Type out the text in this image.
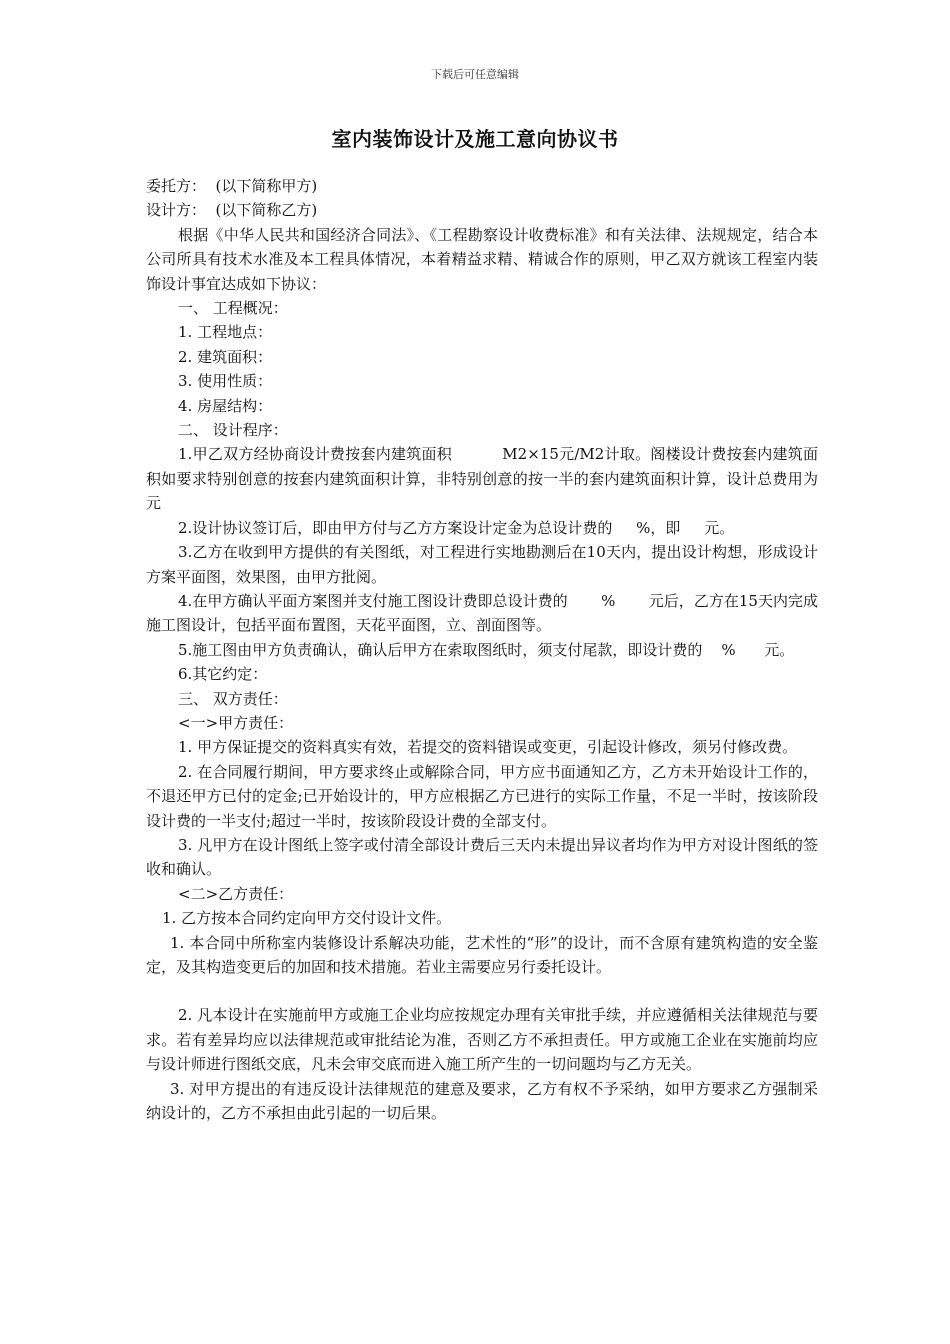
下载后可任意编辑
室内装饰设计及施工意向协议书

委托方：  (以下简称甲方)

设计方：  (以下简称乙方)

根据《中华人民共和国经济合同法》、《工程勘察设计收费标准》和有关法律、法规规定，结合本公司所具有技术水准及本工程具体情况，本着精益求精、精诚合作的原则，甲乙双方就该工程室内装饰设计事宜达成如下协议：

一、 工程概况：

1. 工程地点：

2. 建筑面积：

3. 使用性质：

4. 房屋结构：

二、 设计程序：

1.甲乙双方经协商设计费按套内建筑面积          M2×15元/M2计取。阁楼设计费按套内建筑面积如要求特别创意的按套内建筑面积计算，非特别创意的按一半的套内建筑面积计算，设计总费用为          元

2.设计协议签订后，即由甲方付与乙方方案设计定金为总设计费的     %，即     元。

3.乙方在收到甲方提供的有关图纸，对工程进行实地勘测后在10天内，提出设计构想，形成设计方案平面图，效果图，由甲方批阅。

4.在甲方确认平面方案图并支付施工图设计费即总设计费的       %       元后，乙方在15天内完成施工图设计，包括平面布置图，天花平面图，立、剖面图等。

5.施工图由甲方负责确认，确认后甲方在索取图纸时，须支付尾款，即设计费的    %      元。

6.其它约定：

三、 双方责任：

<一>甲方责任：

1. 甲方保证提交的资料真实有效，若提交的资料错误或变更，引起设计修改，须另付修改费。

2. 在合同履行期间，甲方要求终止或解除合同，甲方应书面通知乙方，乙方未开始设计工作的，不退还甲方已付的定金;已开始设计的，甲方应根据乙方已进行的实际工作量，不足一半时，按该阶段设计费的一半支付;超过一半时，按该阶段设计费的全部支付。

3. 凡甲方在设计图纸上签字或付清全部设计费后三天内未提出异议者均作为甲方对设计图纸的签收和确认。

<二>乙方责任：

1. 乙方按本合同约定向甲方交付设计文件。

1. 本合同中所称室内装修设计系解决功能，艺术性的“形”的设计，而不含原有建筑构造的安全鉴定，及其构造变更后的加固和技术措施。若业主需要应另行委托设计。

2. 凡本设计在实施前甲方或施工企业均应按规定办理有关审批手续，并应遵循相关法律规范与要求。若有差异均应以法律规范或审批结论为准，否则乙方不承担责任。甲方或施工企业在实施前均应与设计师进行图纸交底，凡未会审交底而进入施工所产生的一切问题均与乙方无关。

3. 对甲方提出的有违反设计法律规范的建意及要求，乙方有权不予采纳，如甲方要求乙方强制采纳设计的，乙方不承担由此引起的一切后果。
